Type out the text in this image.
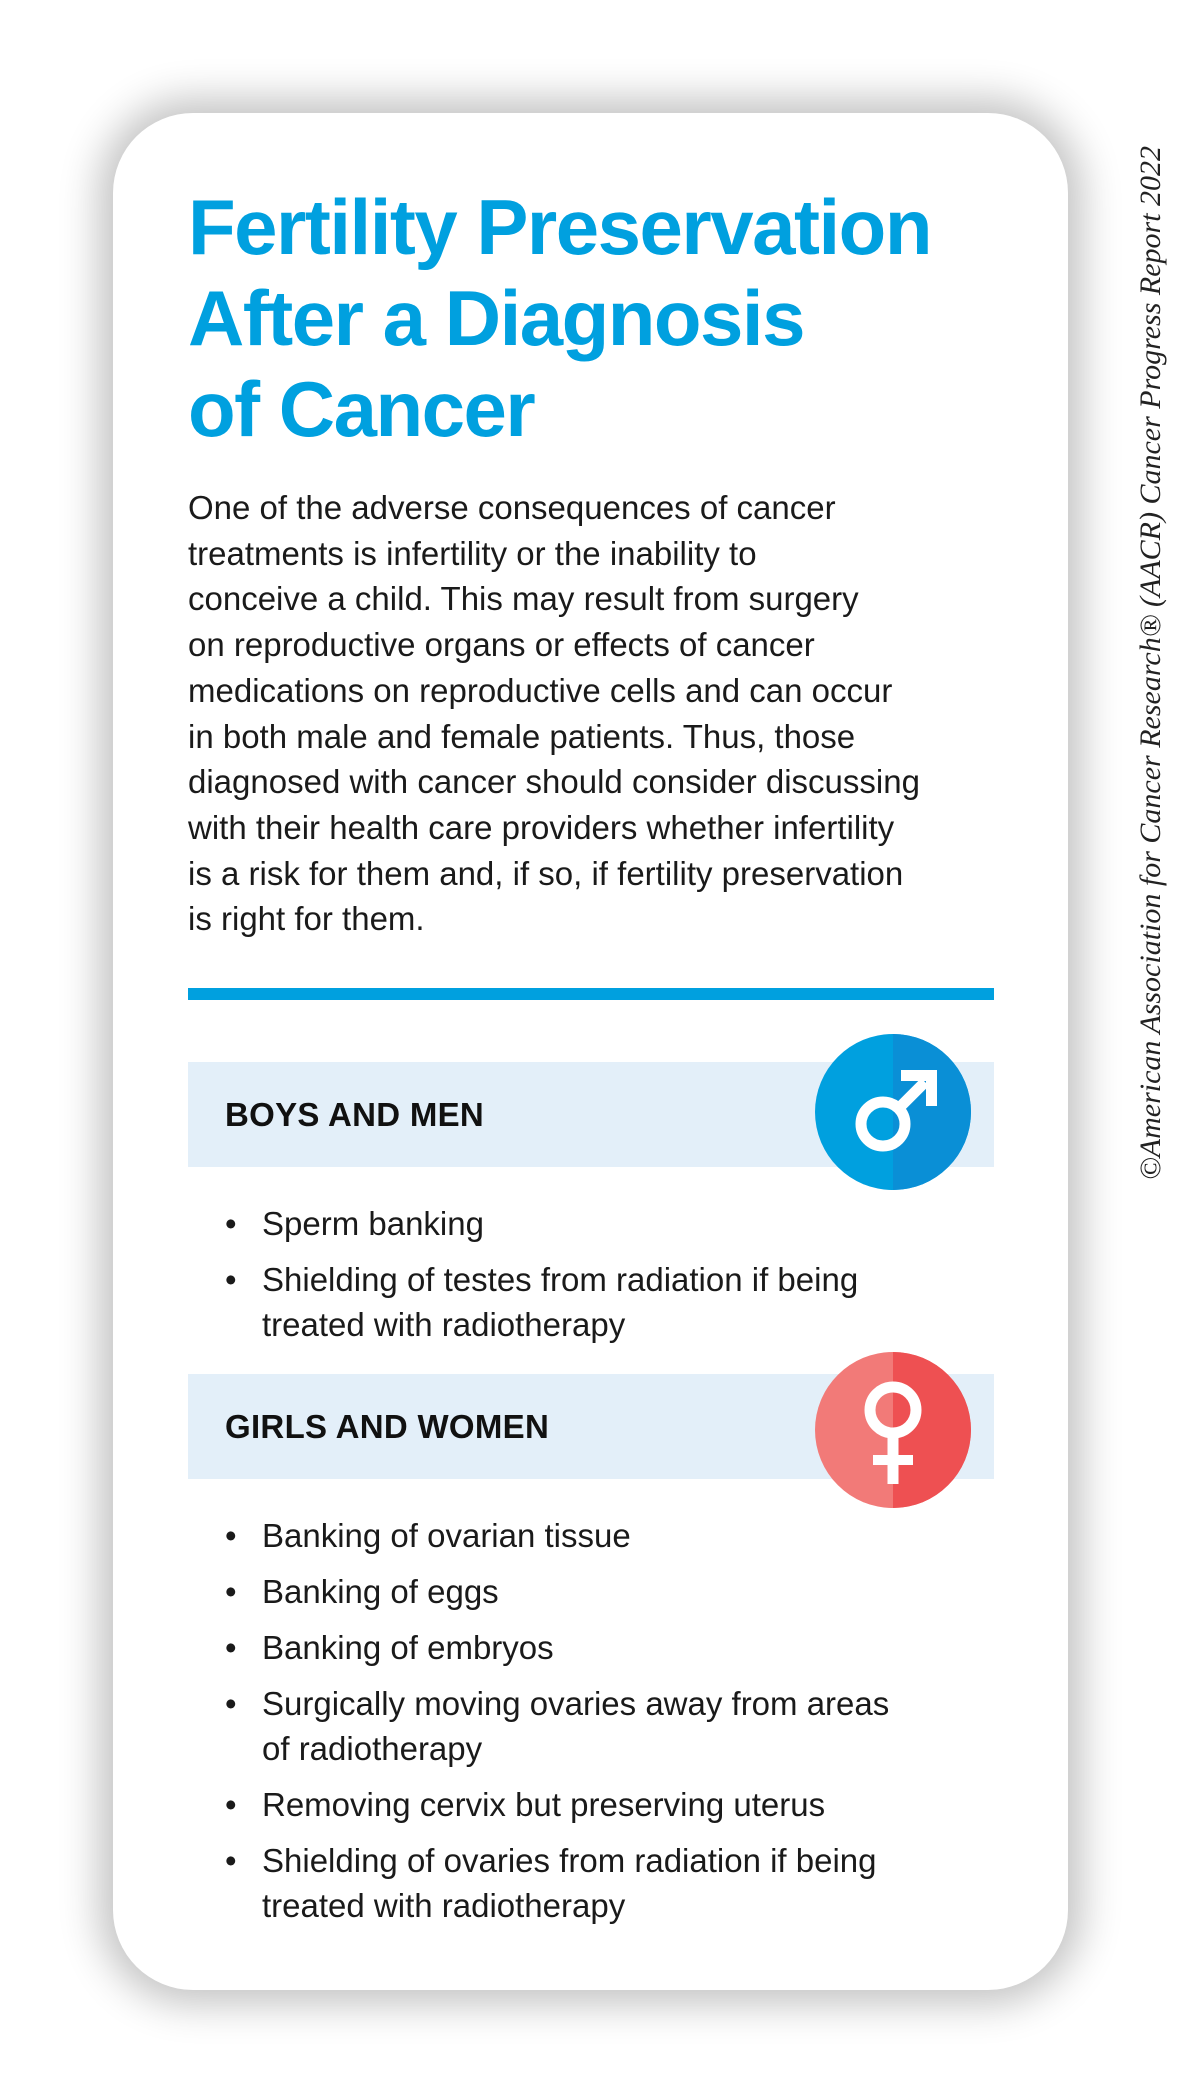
Fertility Preservation
After a Diagnosis
of Cancer

One of the adverse consequences of cancer
treatments is infertility or the inability to
conceive a child. This may result from surgery
on reproductive organs or effects of cancer
medications on reproductive cells and can occur
in both male and female patients. Thus, those
diagnosed with cancer should consider discussing
with their health care providers whether infertility
is a risk for them and, if so, if fertility preservation
is right for them.

BOYS AND MEN
• Sperm banking
• Shielding of testes from radiation if being
treated with radiotherapy
GIRLS AND WOMEN
• Banking of ovarian tissue
• Banking of eggs
• Banking of embryos
• Surgically moving ovaries away from areas
of radiotherapy
• Removing cervix but preserving uterus
• Shielding of ovaries from radiation if being
treated with radiotherapy
©American Association for Cancer Research® (AACR) Cancer Progress Report 2022
